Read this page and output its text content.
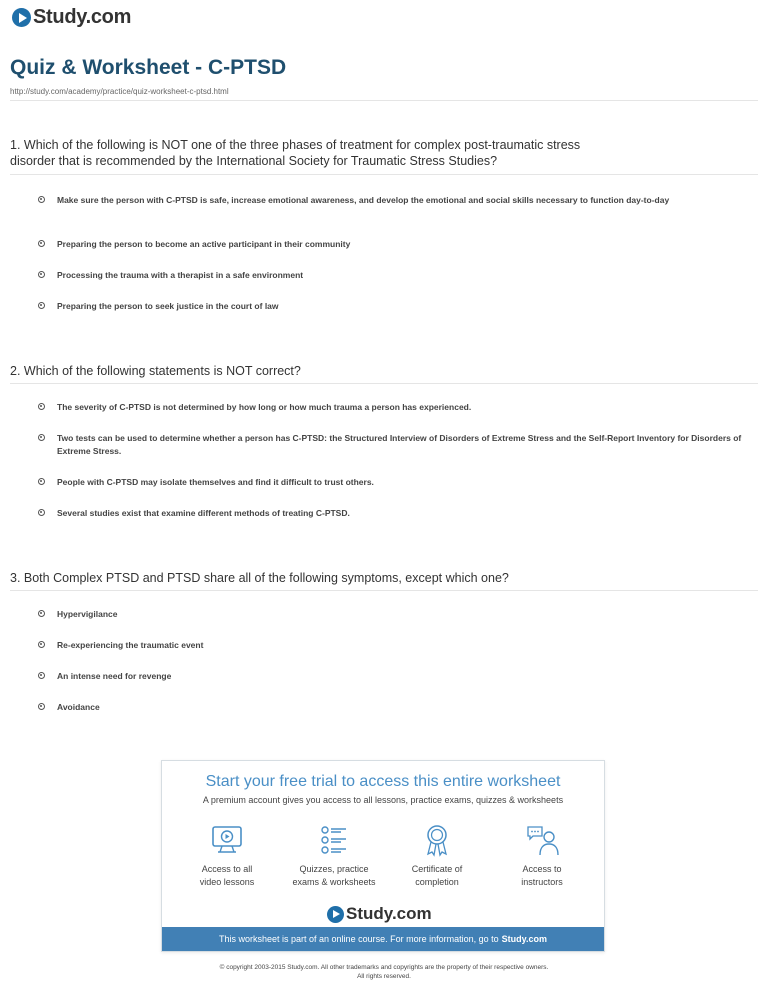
Study.com
Quiz & Worksheet - C-PTSD
http://study.com/academy/practice/quiz-worksheet-c-ptsd.html
1. Which of the following is NOT one of the three phases of treatment for complex post-traumatic stress disorder that is recommended by the International Society for Traumatic Stress Studies?
Make sure the person with C-PTSD is safe, increase emotional awareness, and develop the emotional and social skills necessary to function day-to-day
Preparing the person to become an active participant in their community
Processing the trauma with a therapist in a safe environment
Preparing the person to seek justice in the court of law
2. Which of the following statements is NOT correct?
The severity of C-PTSD is not determined by how long or how much trauma a person has experienced.
Two tests can be used to determine whether a person has C-PTSD: the Structured Interview of Disorders of Extreme Stress and the Self-Report Inventory for Disorders of Extreme Stress.
People with C-PTSD may isolate themselves and find it difficult to trust others.
Several studies exist that examine different methods of treating C-PTSD.
3. Both Complex PTSD and PTSD share all of the following symptoms, except which one?
Hypervigilance
Re-experiencing the traumatic event
An intense need for revenge
Avoidance
Start your free trial to access this entire worksheet
A premium account gives you access to all lessons, practice exams, quizzes & worksheets
Access to all
video lessons
Quizzes, practice
exams & worksheets
Certificate of
completion
Access to
instructors
Study.com
This worksheet is part of an online course. For more information, go to Study.com
© copyright 2003-2015 Study.com. All other trademarks and copyrights are the property of their respective owners.
All rights reserved.
